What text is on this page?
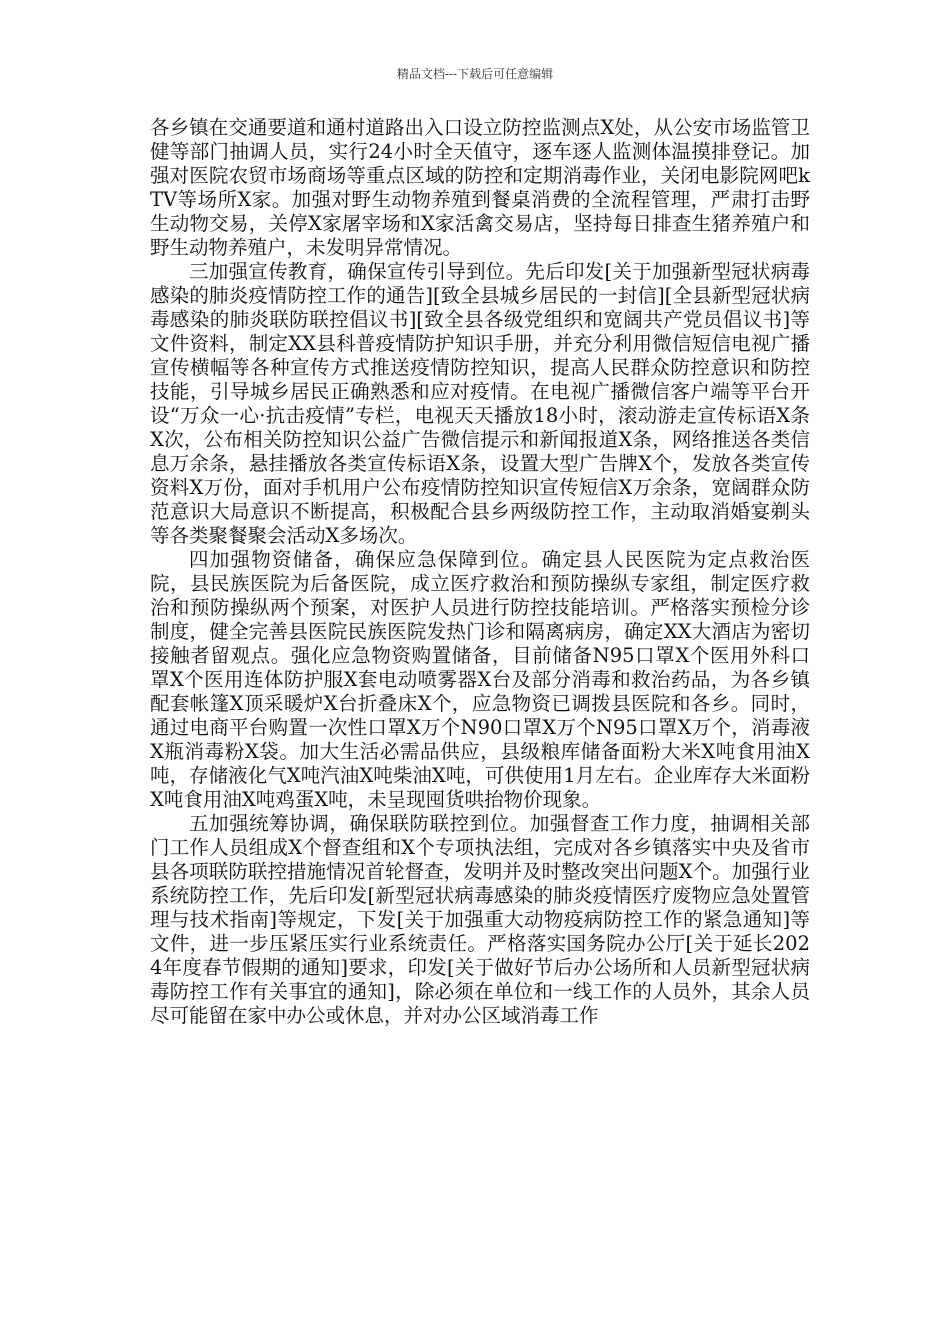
精品文档---下载后可任意编辑

各乡镇在交通要道和通村道路出入口设立防控监测点X处，从公安市场监管卫健等部门抽调人员，实行24小时全天值守，逐车逐人监测体温摸排登记。加强对医院农贸市场商场等重点区域的防控和定期消毒作业，关闭电影院网吧kTV等场所X家。加强对野生动物养殖到餐桌消费的全流程管理，严肃打击野生动物交易，关停X家屠宰场和X家活禽交易店，坚持每日排查生猪养殖户和野生动物养殖户，未发明异常情况。

三加强宣传教育，确保宣传引导到位。先后印发[关于加强新型冠状病毒感染的肺炎疫情防控工作的通告][致全县城乡居民的一封信][全县新型冠状病毒感染的肺炎联防联控倡议书][致全县各级党组织和宽阔共产党员倡议书]等文件资料，制定XX县科普疫情防护知识手册，并充分利用微信短信电视广播宣传横幅等各种宣传方式推送疫情防控知识，提高人民群众防控意识和防控技能，引导城乡居民正确熟悉和应对疫情。在电视广播微信客户端等平台开设“万众一心·抗击疫情”专栏，电视天天播放18小时，滚动游走宣传标语X条X次，公布相关防控知识公益广告微信提示和新闻报道X条，网络推送各类信息万余条，悬挂播放各类宣传标语X条，设置大型广告牌X个，发放各类宣传资料X万份，面对手机用户公布疫情防控知识宣传短信X万余条，宽阔群众防范意识大局意识不断提高，积极配合县乡两级防控工作，主动取消婚宴剃头等各类聚餐聚会活动X多场次。

四加强物资储备，确保应急保障到位。确定县人民医院为定点救治医院，县民族医院为后备医院，成立医疗救治和预防操纵专家组，制定医疗救治和预防操纵两个预案，对医护人员进行防控技能培训。严格落实预检分诊制度，健全完善县医院民族医院发热门诊和隔离病房，确定XX大酒店为密切接触者留观点。强化应急物资购置储备，目前储备N95口罩X个医用外科口罩X个医用连体防护服X套电动喷雾器X台及部分消毒和救治药品，为各乡镇配套帐篷X顶采暖炉X台折叠床X个，应急物资已调拨县医院和各乡。同时，通过电商平台购置一次性口罩X万个N90口罩X万个N95口罩X万个，消毒液X瓶消毒粉X袋。加大生活必需品供应，县级粮库储备面粉大米X吨食用油X吨，存储液化气X吨汽油X吨柴油X吨，可供使用1月左右。企业库存大米面粉X吨食用油X吨鸡蛋X吨，未呈现囤货哄抬物价现象。

五加强统筹协调，确保联防联控到位。加强督查工作力度，抽调相关部门工作人员组成X个督查组和X个专项执法组，完成对各乡镇落实中央及省市县各项联防联控措施情况首轮督查，发明并及时整改突出问题X个。加强行业系统防控工作，先后印发[新型冠状病毒感染的肺炎疫情医疗废物应急处置管理与技术指南]等规定，下发[关于加强重大动物疫病防控工作的紧急通知]等文件，进一步压紧压实行业系统责任。严格落实国务院办公厅[关于延长2024年度春节假期的通知]要求，印发[关于做好节后办公场所和人员新型冠状病毒防控工作有关事宜的通知]，除必须在单位和一线工作的人员外，其余人员尽可能留在家中办公或休息，并对办公区域消毒工作
